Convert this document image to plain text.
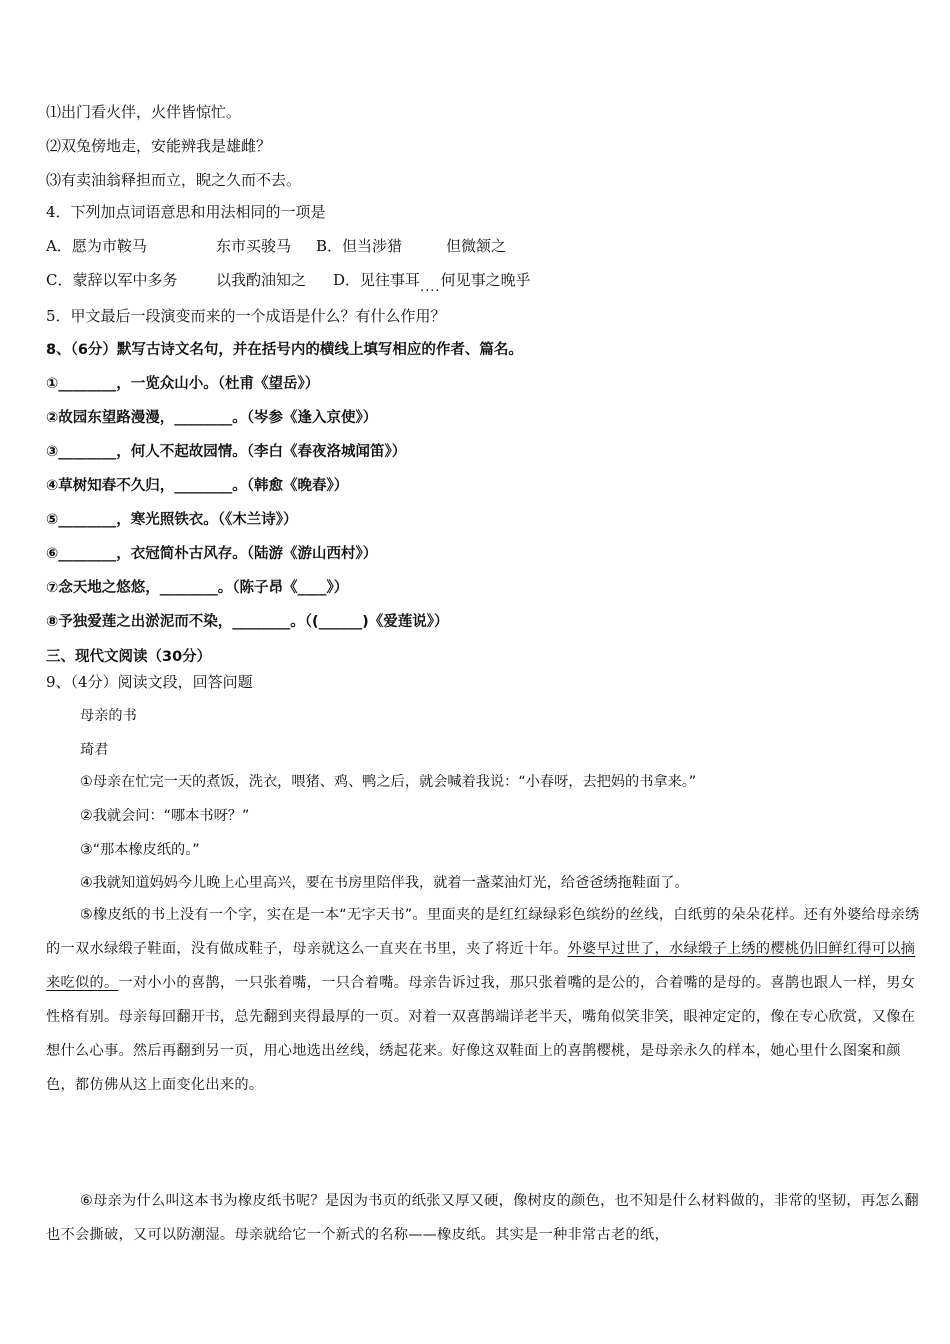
⑴出门看火伴，火伴皆惊忙。
⑵双兔傍地走，安能辨我是雄雌？
⑶有卖油翁释担而立，睨之久而不去。
4．下列加点词语意思和用法相同的一项是
A．愿为市鞍马	东市买骏马 B．但当涉猎	但微颔之
C．蒙辞以军中多务	以我酌油知之 D．见往事耳....何见事之晚乎
5．甲文最后一段演变而来的一个成语是什么？有什么作用？
8、（6分）默写古诗文名句，并在括号内的横线上填写相应的作者、篇名。
①________，一览众山小。（杜甫《望岳》）
②故园东望路漫漫，________。（岑参《逢入京使》）
③________，何人不起故园情。（李白《春夜洛城闻笛》）
④草树知春不久归，________。（韩愈《晚春》）
⑤________，寒光照铁衣。（《木兰诗》）
⑥________，衣冠简朴古风存。（陆游《游山西村》）
⑦念天地之悠悠，________。（陈子昂《____》）
⑧予独爱莲之出淤泥而不染，________。（(______)《爱莲说》）
三、现代文阅读（30分）
9、（4分）阅读文段，回答问题
母亲的书
琦君
①母亲在忙完一天的煮饭，洗衣，喂猪、鸡、鸭之后，就会喊着我说：“小春呀，去把妈的书拿来。”
②我就会问：“哪本书呀？”
③“那本橡皮纸的。”
④我就知道妈妈今儿晚上心里高兴，要在书房里陪伴我，就着一盏菜油灯光，给爸爸绣拖鞋面了。
⑤橡皮纸的书上没有一个字，实在是一本“无字天书”。里面夹的是红红绿绿彩色缤纷的丝线，白纸剪的朵朵花样。还有外婆给母亲绣的一双水绿缎子鞋面，没有做成鞋子，母亲就这么一直夹在书里，夹了将近十年。外婆早过世了，水绿缎子上绣的樱桃仍旧鲜红得可以摘来吃似的。一对小小的喜鹊，一只张着嘴，一只合着嘴。母亲告诉过我，那只张着嘴的是公的，合着嘴的是母的。喜鹊也跟人一样，男女性格有别。母亲每回翻开书，总先翻到夹得最厚的一页。对着一双喜鹊端详老半天，嘴角似笑非笑，眼神定定的，像在专心欣赏，又像在想什么心事。然后再翻到另一页，用心地选出丝线，绣起花来。好像这双鞋面上的喜鹊樱桃，是母亲永久的样本，她心里什么图案和颜色，都仿佛从这上面变化出来的。
⑥母亲为什么叫这本书为橡皮纸书呢？是因为书页的纸张又厚又硬，像树皮的颜色，也不知是什么材料做的，非常的坚韧，再怎么翻也不会撕破，又可以防潮湿。母亲就给它一个新式的名称——橡皮纸。其实是一种非常古老的纸，
